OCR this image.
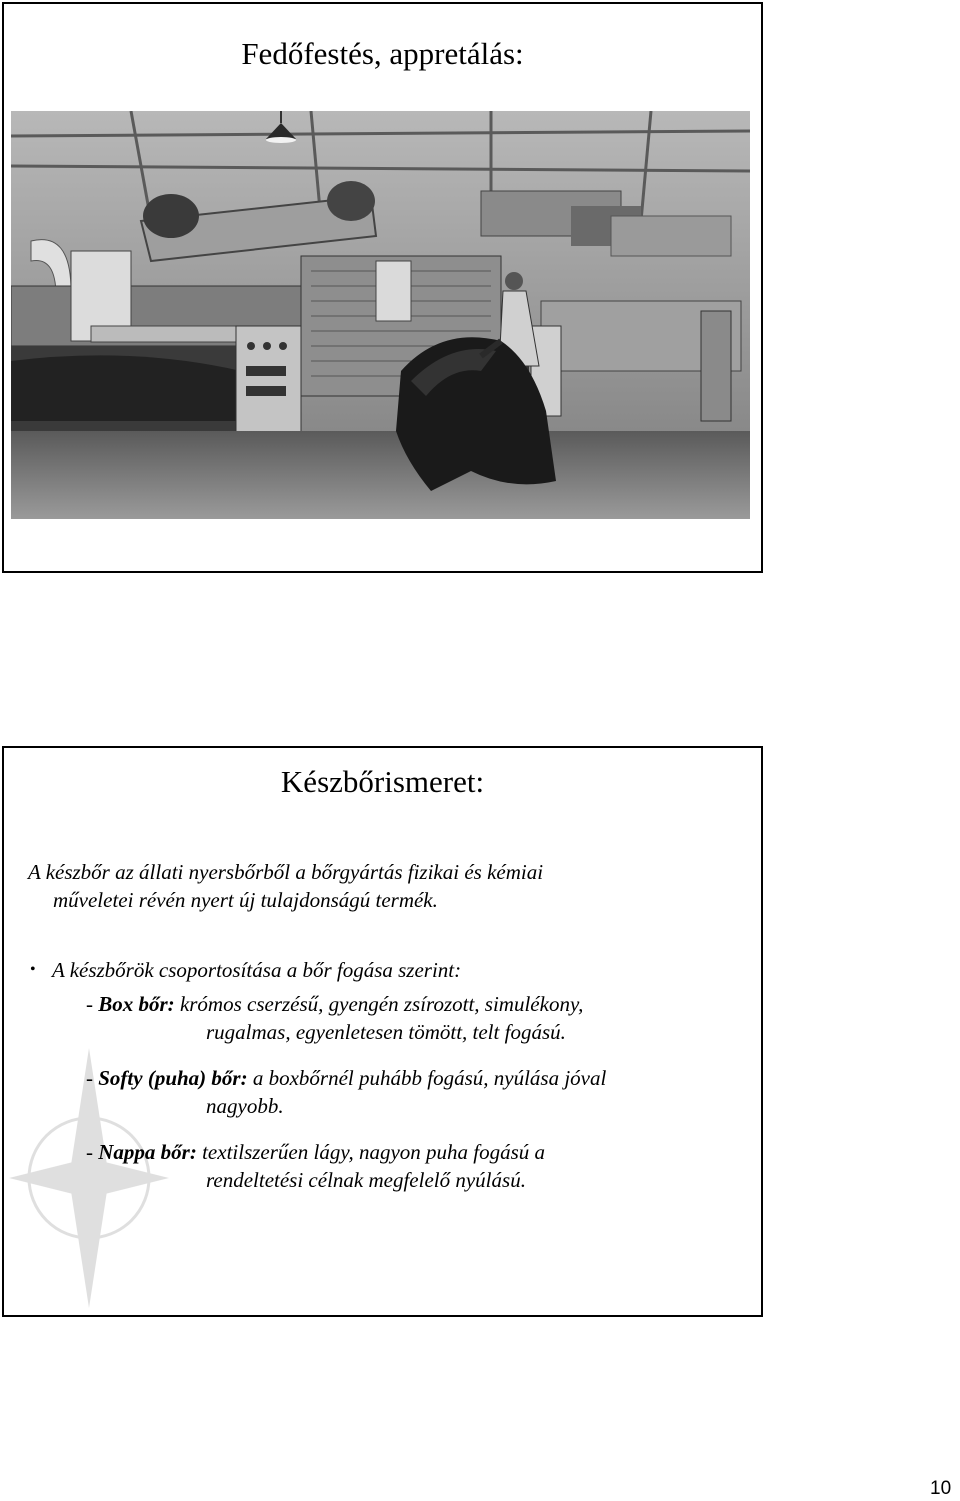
Fedőfestés, appretálás:
Készbőrismeret:
A készbőr az állati nyersbőrből a bőrgyártás fizikai és kémiai
műveletei révén nyert új tulajdonságú termék.
• A készbőrök csoportosítása a bőr fogása szerint:
- Box bőr: krómos cserzésű, gyengén zsírozott, simulékony,
rugalmas, egyenletesen tömött, telt fogású.
- Softy (puha) bőr: a boxbőrnél puhább fogású, nyúlása jóval
nagyobb.
- Nappa bőr: textilszerűen lágy, nagyon puha fogású a
rendeltetési célnak megfelelő nyúlású.
10
